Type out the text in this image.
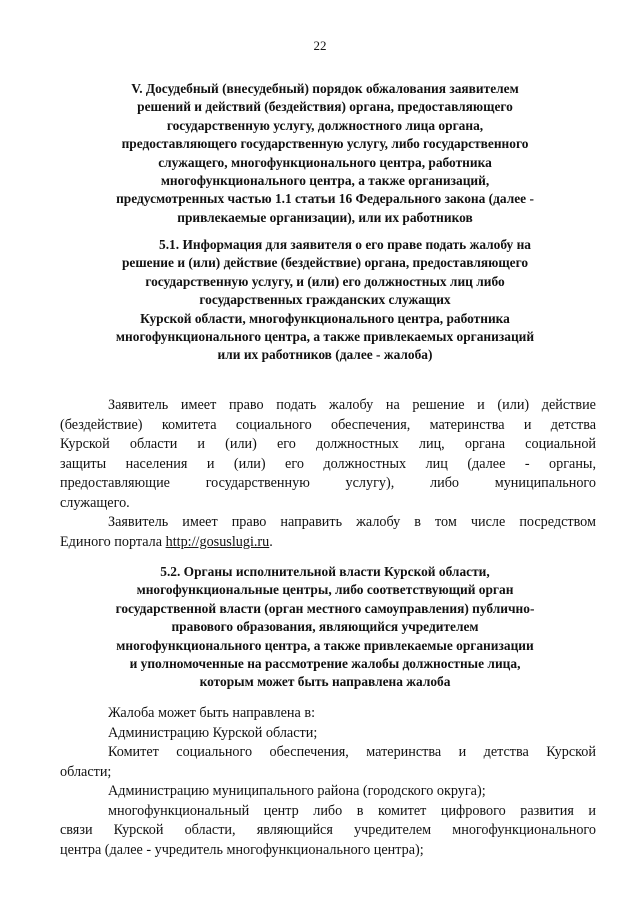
22
V. Досудебный (внесудебный) порядок обжалования заявителем
решений и действий (бездействия) органа, предоставляющего
государственную услугу, должностного лица органа,
предоставляющего государственную услугу, либо государственного
служащего, многофункционального центра, работника
многофункционального центра, а также организаций,
предусмотренных частью 1.1 статьи 16 Федерального закона (далее -
привлекаемые организации), или их работников
5.1. Информация для заявителя о его праве подать жалобу на
решение и (или) действие (бездействие) органа, предоставляющего
государственную услугу, и (или) его должностных лиц либо
государственных гражданских служащих
Курской области, многофункционального центра, работника
многофункционального центра, а также привлекаемых организаций
или их работников (далее - жалоба)
Заявитель имеет право подать жалобу на решение и (или) действие
(бездействие) комитета социального обеспечения, материнства и детства
Курской области и (или) его должностных лиц, органа социальной
защиты населения и (или) его должностных лиц (далее - органы,
предоставляющие государственную услугу), либо муниципального
служащего.
Заявитель имеет право направить жалобу в том числе посредством
Единого портала http://gosuslugi.ru.
5.2. Органы исполнительной власти Курской области,
многофункциональные центры, либо соответствующий орган
государственной власти (орган местного самоуправления) публично-
правового образования, являющийся учредителем
многофункционального центра, а также привлекаемые организации
и уполномоченные на рассмотрение жалобы должностные лица,
которым может быть направлена жалоба
Жалоба может быть направлена в:
Администрацию Курской области;
Комитет социального обеспечения, материнства и детства Курской
области;
Администрацию муниципального района (городского округа);
многофункциональный центр либо в комитет цифрового развития и
связи Курской области, являющийся учредителем многофункционального
центра (далее - учредитель многофункционального центра);
